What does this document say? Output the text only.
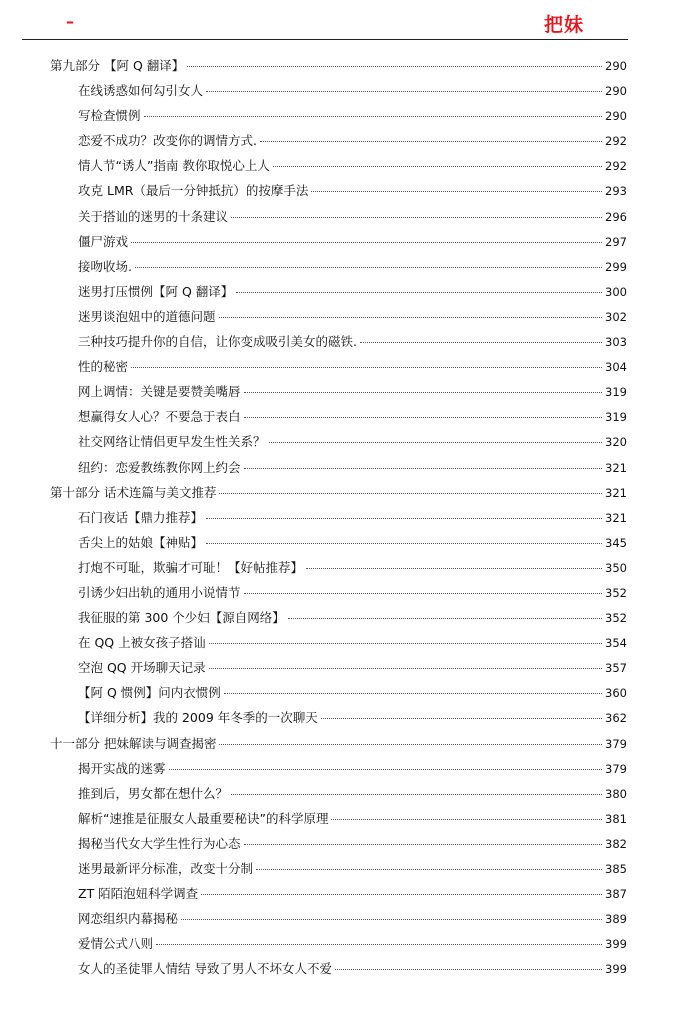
–	把妹
第九部分 【阿 Q 翻译】	290
在线诱惑如何勾引女人	290
写检查惯例	290
恋爱不成功？改变你的调情方式.	292
情人节“诱人”指南 教你取悦心上人	292
攻克 LMR（最后一分钟抵抗）的按摩手法	293
关于搭讪的迷男的十条建议	296
僵尸游戏	297
接吻收场.	299
迷男打压惯例【阿 Q 翻译】	300
迷男谈泡妞中的道德问题	302
三种技巧提升你的自信，让你变成吸引美女的磁铁.	303
性的秘密	304
网上调情：关键是要赞美嘴唇	319
想赢得女人心？不要急于表白	319
社交网络让情侣更早发生性关系？	320
纽约：恋爱教练教你网上约会	321
第十部分 话术连篇与美文推荐	321
石门夜话【鼎力推荐】	321
舌尖上的姑娘【神贴】	345
打炮不可耻，欺骗才可耻！【好帖推荐】	350
引诱少妇出轨的通用小说情节	352
我征服的第 300 个少妇【源自网络】	352
在 QQ 上被女孩子搭讪	354
空泡 QQ 开场聊天记录	357
【阿 Q 惯例】问内衣惯例	360
【详细分析】我的 2009 年冬季的一次聊天	362
十一部分 把妹解读与调查揭密	379
揭开实战的迷雾	379
推到后，男女都在想什么？	380
解析“速推是征服女人最重要秘诀”的科学原理	381
揭秘当代女大学生性行为心态	382
迷男最新评分标准，改变十分制	385
ZT 陌陌泡妞科学调查	387
网恋组织内幕揭秘	389
爱情公式八则	399
女人的圣徒罪人情结 导致了男人不坏女人不爱	399
